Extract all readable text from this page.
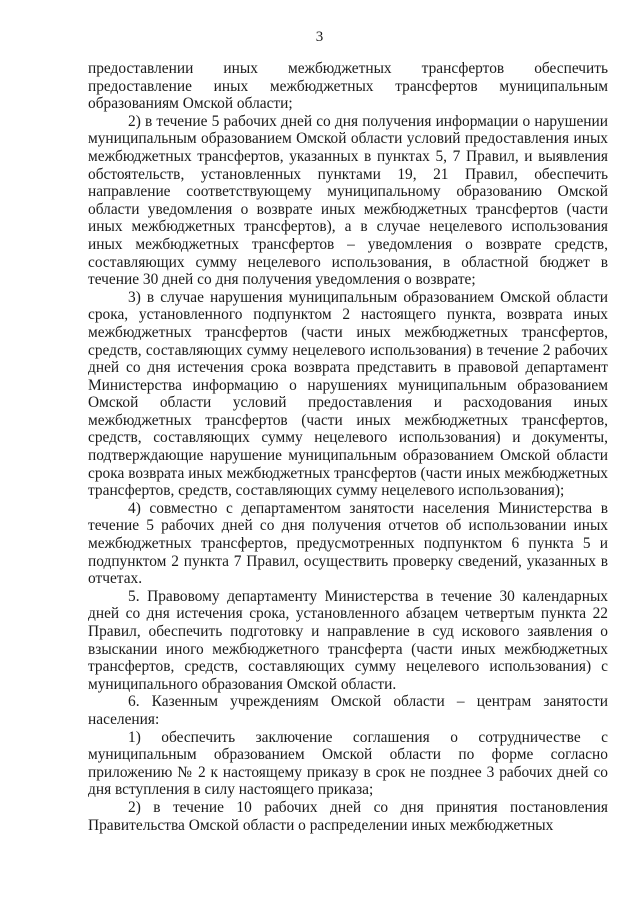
3

предоставлении иных межбюджетных трансфертов обеспечить предоставление иных межбюджетных трансфертов муниципальным образованиям Омской области;

2) в течение 5 рабочих дней со дня получения информации о нарушении муниципальным образованием Омской области условий предоставления иных межбюджетных трансфертов, указанных в пунктах 5, 7 Правил, и выявления обстоятельств, установленных пунктами 19, 21 Правил, обеспечить направление соответствующему муниципальному образованию Омской области уведомления о возврате иных межбюджетных трансфертов (части иных межбюджетных трансфертов), а в случае нецелевого использования иных межбюджетных трансфертов – уведомления о возврате средств, составляющих сумму нецелевого использования, в областной бюджет в течение 30 дней со дня получения уведомления о возврате;

3) в случае нарушения муниципальным образованием Омской области срока, установленного подпунктом 2 настоящего пункта, возврата иных межбюджетных трансфертов (части иных межбюджетных трансфертов, средств, составляющих сумму нецелевого использования) в течение 2 рабочих дней со дня истечения срока возврата представить в правовой департамент Министерства информацию о нарушениях муниципальным образованием Омской области условий предоставления и расходования иных межбюджетных трансфертов (части иных межбюджетных трансфертов, средств, составляющих сумму нецелевого использования) и документы, подтверждающие нарушение муниципальным образованием Омской области срока возврата иных межбюджетных трансфертов (части иных межбюджетных трансфертов, средств, составляющих сумму нецелевого использования);

4) совместно с департаментом занятости населения Министерства в течение 5 рабочих дней со дня получения отчетов об использовании иных межбюджетных трансфертов, предусмотренных подпунктом 6 пункта 5 и подпунктом 2 пункта 7 Правил, осуществить проверку сведений, указанных в отчетах.

5. Правовому департаменту Министерства в течение 30 календарных дней со дня истечения срока, установленного абзацем четвертым пункта 22 Правил, обеспечить подготовку и направление в суд искового заявления о взыскании иного межбюджетного трансферта (части иных межбюджетных трансфертов, средств, составляющих сумму нецелевого использования) с муниципального образования Омской области.

6. Казенным учреждениям Омской области – центрам занятости населения:

1) обеспечить заключение соглашения о сотрудничестве с муниципальным образованием Омской области по форме согласно приложению № 2 к настоящему приказу в срок не позднее 3 рабочих дней со дня вступления в силу настоящего приказа;

2) в течение 10 рабочих дней со дня принятия постановления Правительства Омской области о распределении иных межбюджетных
